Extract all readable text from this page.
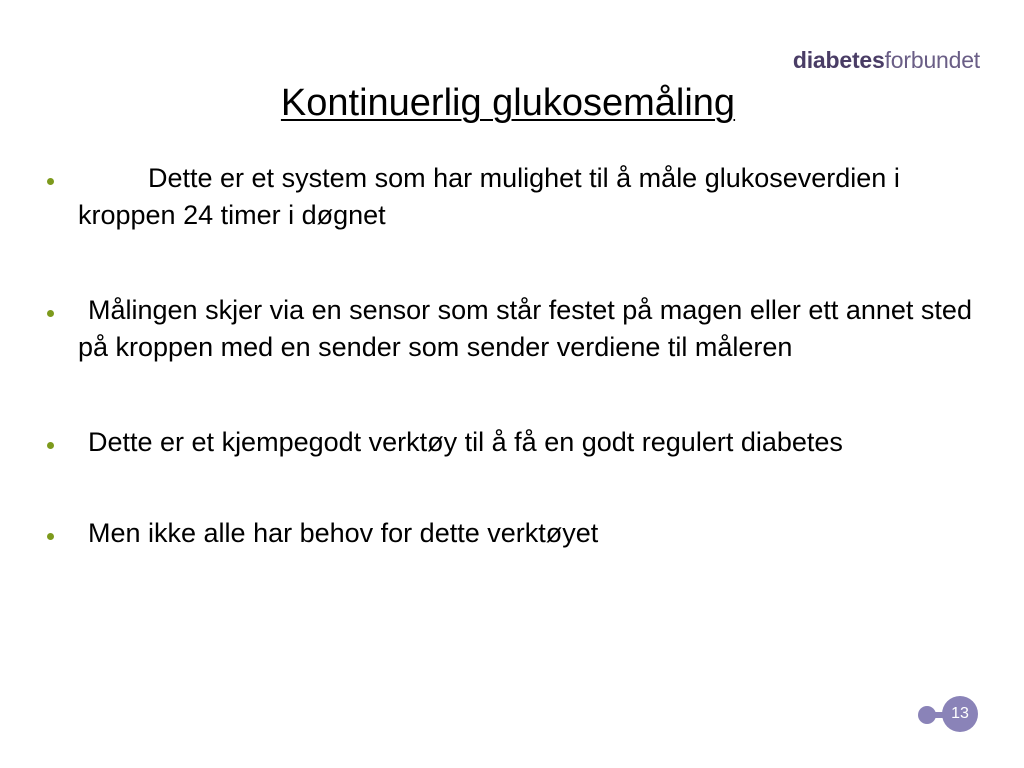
diabetesforbundet
Kontinuerlig glukosemåling
Dette er et system som har mulighet til å måle glukoseverdien i kroppen 24 timer i døgnet
Målingen skjer via en sensor som står festet på magen eller ett annet sted på kroppen med en sender som sender verdiene til måleren
Dette er et kjempegodt verktøy til å få en godt regulert diabetes
Men ikke alle har behov for dette verktøyet
13
